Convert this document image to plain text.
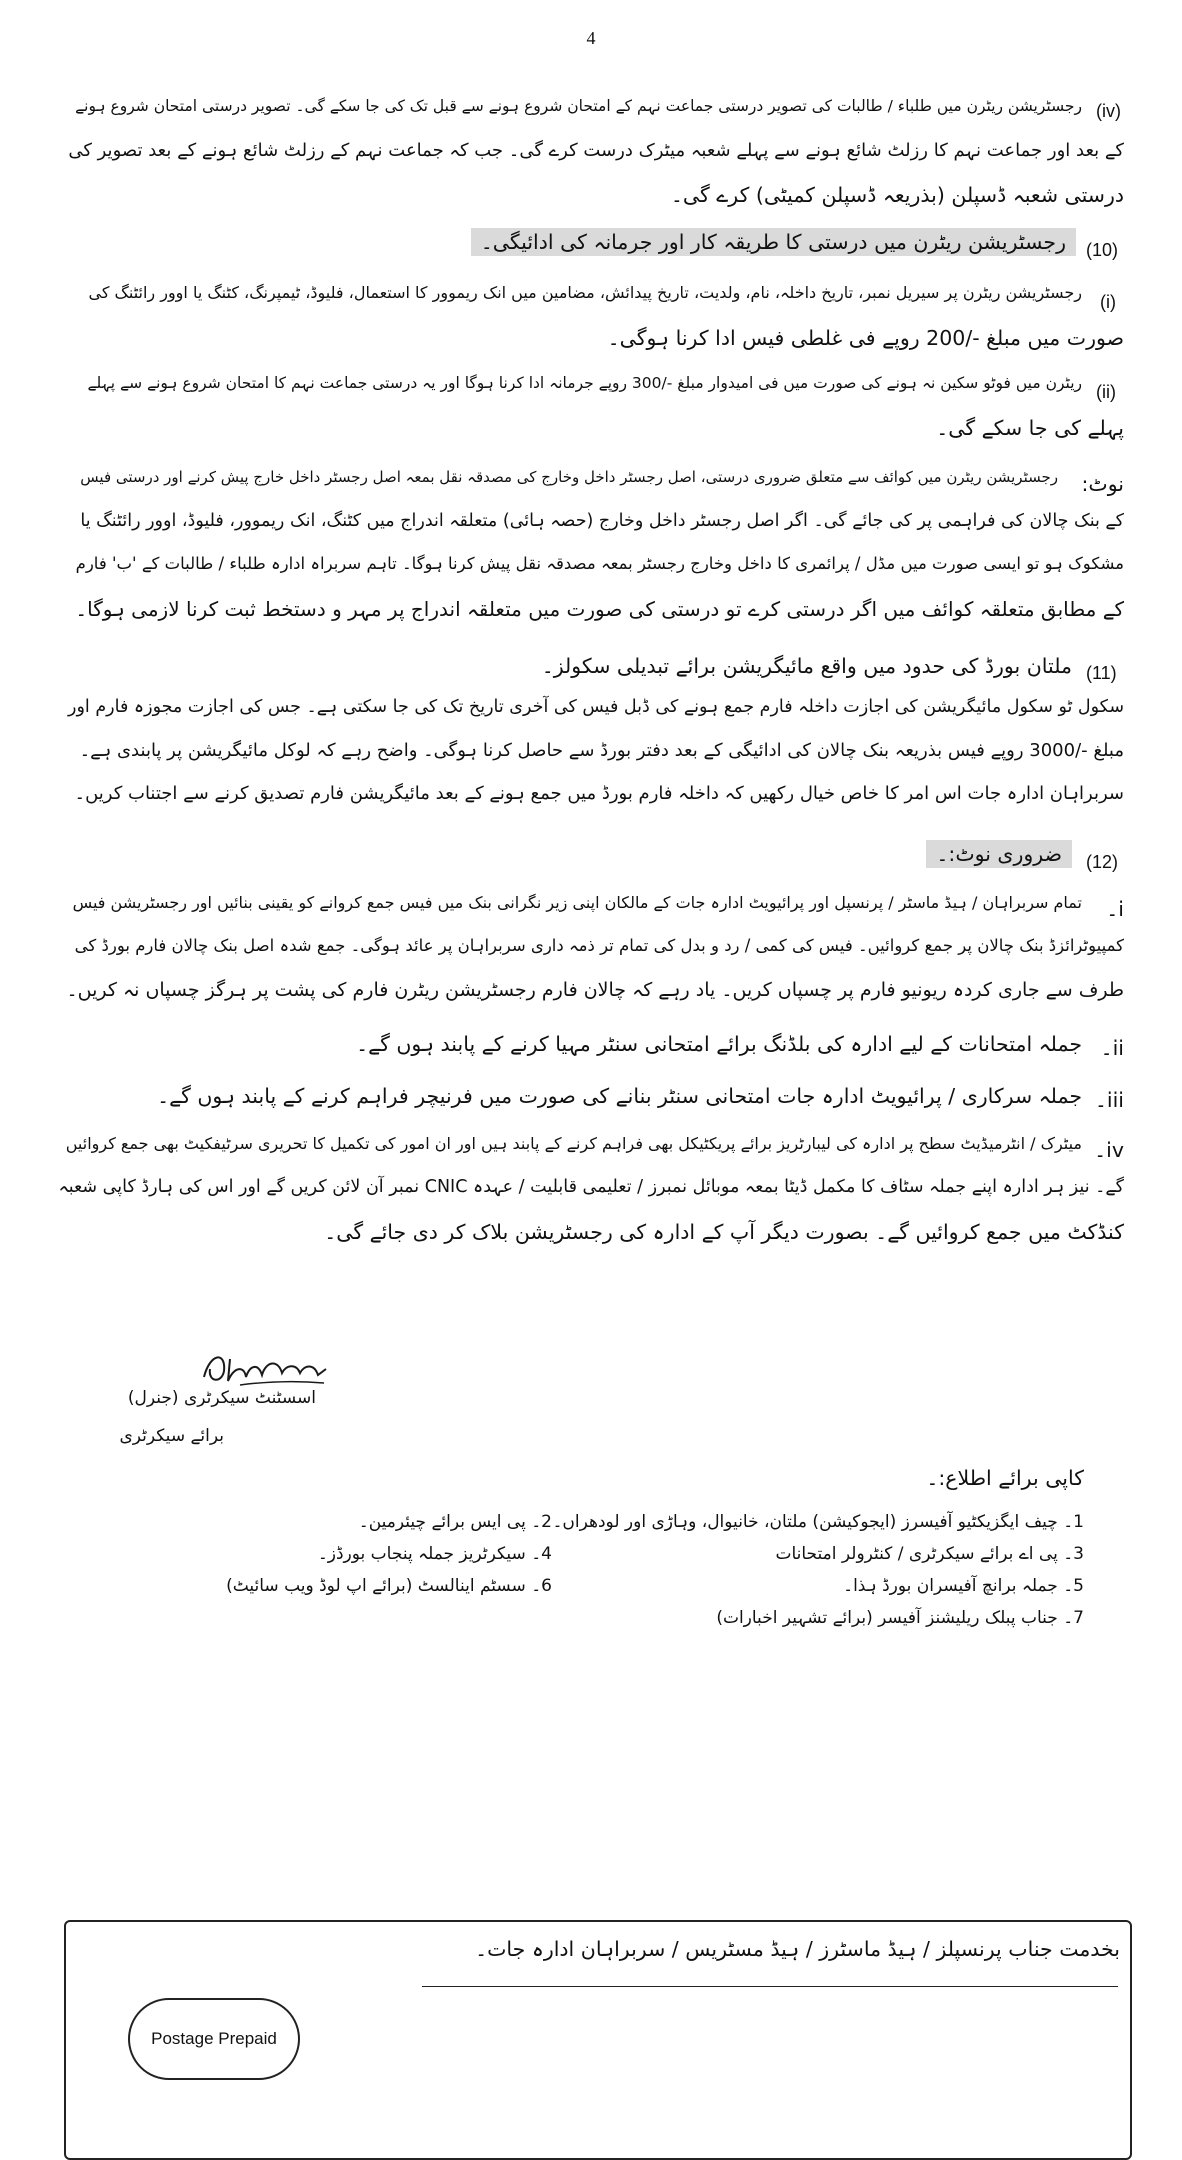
4
(iv)
رجسٹریشن ریٹرن میں طلباء / طالبات کی تصویر درستی جماعت نہم کے امتحان شروع ہونے سے قبل تک کی جا سکے گی۔ تصویر درستی امتحان شروع ہونے
کے بعد اور جماعت نہم کا رزلٹ شائع ہونے سے پہلے شعبہ میٹرک درست کرے گی۔ جب کہ جماعت نہم کے رزلٹ شائع ہونے کے بعد تصویر کی
درستی شعبہ ڈسپلن (بذریعہ ڈسپلن کمیٹی) کرے گی۔
(10)
رجسٹریشن ریٹرن میں درستی کا طریقہ کار اور جرمانہ کی ادائیگی۔
(i)
رجسٹریشن ریٹرن پر سیریل نمبر، تاریخ داخلہ، نام، ولدیت، تاریخ پیدائش، مضامین میں انک ریموور کا استعمال، فلیوڈ، ٹیمپرنگ، کٹنگ یا اوور رائٹنگ کی
صورت میں مبلغ -/200 روپے فی غلطی فیس ادا کرنا ہوگی۔
(ii)
ریٹرن میں فوٹو سکین نہ ہونے کی صورت میں فی امیدوار مبلغ -/300 روپے جرمانہ ادا کرنا ہوگا اور یہ درستی جماعت نہم کا امتحان شروع ہونے سے پہلے
پہلے کی جا سکے گی۔
نوٹ:
رجسٹریشن ریٹرن میں کوائف سے متعلق ضروری درستی، اصل رجسٹر داخل وخارج کی مصدقہ نقل بمعہ اصل رجسٹر داخل خارج پیش کرنے اور درستی فیس
کے بنک چالان کی فراہمی پر کی جائے گی۔ اگر اصل رجسٹر داخل وخارج (حصہ ہائی) متعلقہ اندراج میں کٹنگ، انک ریموور، فلیوڈ، اوور رائٹنگ یا
مشکوک ہو تو ایسی صورت میں مڈل / پرائمری کا داخل وخارج رجسٹر بمعہ مصدقہ نقل پیش کرنا ہوگا۔ تاہم سربراہ ادارہ طلباء / طالبات کے 'ب' فارم
کے مطابق متعلقہ کوائف میں اگر درستی کرے تو درستی کی صورت میں متعلقہ اندراج پر مہر و دستخط ثبت کرنا لازمی ہوگا۔
(11)
ملتان بورڈ کی حدود میں واقع مائیگریشن برائے تبدیلی سکولز۔
سکول ٹو سکول مائیگریشن کی اجازت داخلہ فارم جمع ہونے کی ڈبل فیس کی آخری تاریخ تک کی جا سکتی ہے۔ جس کی اجازت مجوزہ فارم اور
مبلغ -/3000 روپے فیس بذریعہ بنک چالان کی ادائیگی کے بعد دفتر بورڈ سے حاصل کرنا ہوگی۔ واضح رہے کہ لوکل مائیگریشن پر پابندی ہے۔
سربراہان ادارہ جات اس امر کا خاص خیال رکھیں کہ داخلہ فارم بورڈ میں جمع ہونے کے بعد مائیگریشن فارم تصدیق کرنے سے اجتناب کریں۔
(12)
ضروری نوٹ:۔
i۔
تمام سربراہان / ہیڈ ماسٹر / پرنسپل اور پرائیویٹ ادارہ جات کے مالکان اپنی زیر نگرانی بنک میں فیس جمع کروانے کو یقینی بنائیں اور رجسٹریشن فیس
کمپیوٹرائزڈ بنک چالان پر جمع کروائیں۔ فیس کی کمی / رد و بدل کی تمام تر ذمہ داری سربراہان پر عائد ہوگی۔ جمع شدہ اصل بنک چالان فارم بورڈ کی
طرف سے جاری کردہ ریونیو فارم پر چسپاں کریں۔ یاد رہے کہ چالان فارم رجسٹریشن ریٹرن فارم کی پشت پر ہرگز چسپاں نہ کریں۔
ii۔
جملہ امتحانات کے لیے ادارہ کی بلڈنگ برائے امتحانی سنٹر مہیا کرنے کے پابند ہوں گے۔
iii۔
جملہ سرکاری / پرائیویٹ ادارہ جات امتحانی سنٹر بنانے کی صورت میں فرنیچر فراہم کرنے کے پابند ہوں گے۔
iv۔
میٹرک / انٹرمیڈیٹ سطح پر ادارہ کی لیبارٹریز برائے پریکٹیکل بھی فراہم کرنے کے پابند ہیں اور ان امور کی تکمیل کا تحریری سرٹیفکیٹ بھی جمع کروائیں
گے۔ نیز ہر ادارہ اپنے جملہ سٹاف کا مکمل ڈیٹا بمعہ موبائل نمبرز / تعلیمی قابلیت / عہدہ CNIC نمبر آن لائن کریں گے اور اس کی ہارڈ کاپی شعبہ
کنڈکٹ میں جمع کروائیں گے۔ بصورت دیگر آپ کے ادارہ کی رجسٹریشن بلاک کر دی جائے گی۔
اسسٹنٹ سیکرٹری (جنرل)
برائے سیکرٹری
کاپی برائے اطلاع:۔
1۔ چیف ایگزیکٹیو آفیسرز (ایجوکیشن) ملتان، خانیوال، وہاڑی اور لودھراں۔
3۔ پی اے برائے سیکرٹری / کنٹرولر امتحانات
5۔ جملہ برانچ آفیسران بورڈ ہذا۔
7۔ جناب پبلک ریلیشنز آفیسر (برائے تشہیر اخبارات)
2۔ پی ایس برائے چیئرمین۔
4۔ سیکرٹریز جملہ پنجاب بورڈز۔
6۔ سسٹم اینالسٹ (برائے اپ لوڈ ویب سائیٹ)
بخدمت جناب پرنسپلز / ہیڈ ماسٹرز / ہیڈ مسٹریس / سربراہان ادارہ جات۔
Postage Prepaid
